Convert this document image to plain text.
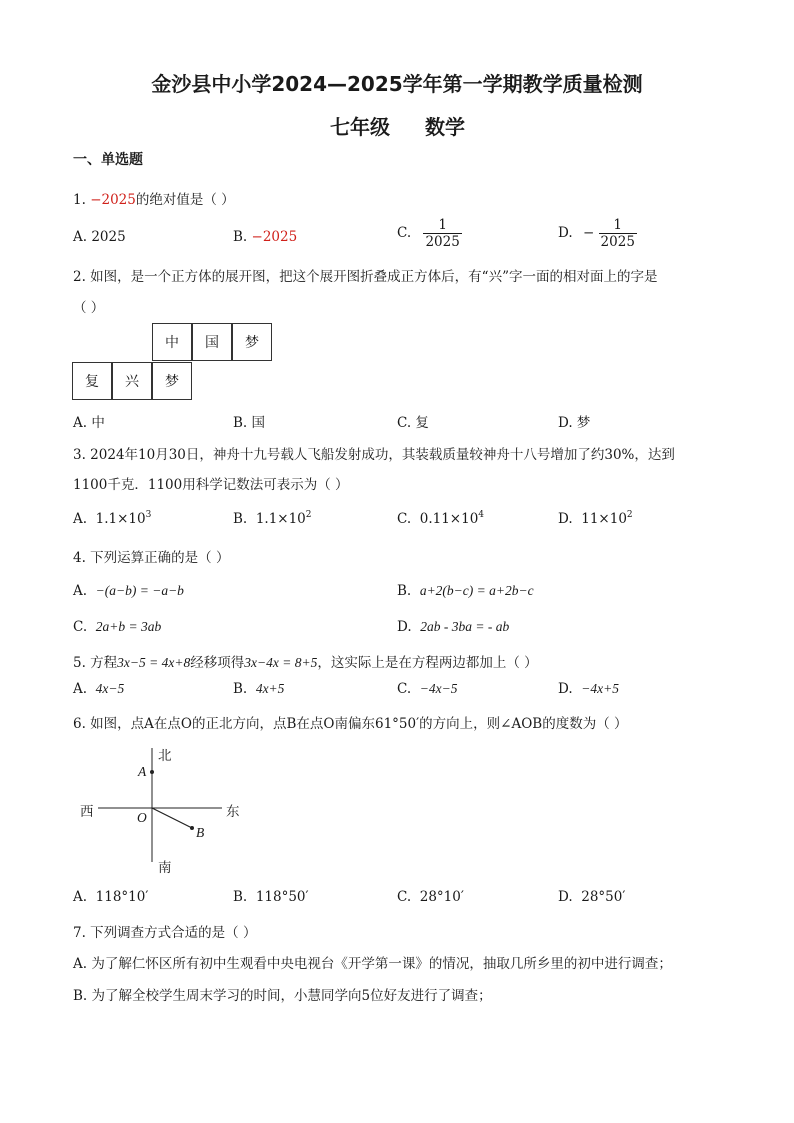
金沙县中小学2024—2025学年第一学期教学质量检测
七年级 数学
一、单选题
1. −2025的绝对值是（ ）
A. 2025	B. −2025	C. $\frac{1}{2025}$	D. − $\frac{1}{2025}$
2. 如图，是一个正方体的展开图，把这个展开图折叠成正方体后，有“兴”字一面的相对面上的字是
（ ）
中	国	梦
复	兴	梦
A. 中	B. 国	C. 复	D. 梦
3. 2024年10月30日，神舟十九号载人飞船发射成功，其装载质量较神舟十八号增加了约30%，达到
1100千克．1100用科学记数法可表示为（ ）
A. $1.1\times 10^3$	B. $1.1\times 10^2$	C. $0.11\times 10^4$	D. $11\times 10^2$
4. 下列运算正确的是（ ）
A. −(a−b) = −a−b	B. a+2(b−c) = a+2b−c
C. 2a+b = 3ab	D. 2ab - 3ba = - ab
5. 方程3x−5 = 4x+8经移项得3x−4x = 8+5，这实际上是在方程两边都加上（ ）
A. 4x−5	B. 4x+5	C. −4x−5	D. −4x+5
6. 如图，点A在点O的正北方向，点B在点O南偏东61°50′的方向上，则∠AOB的度数为（ ）
北
A
西	东
O
B
南
A. 118°10′	B. 118°50′	C. 28°10′	D. 28°50′
7. 下列调查方式合适的是（ ）
A. 为了解仁怀区所有初中生观看中央电视台《开学第一课》的情况，抽取几所乡里的初中进行调查；
B. 为了解全校学生周末学习的时间，小慧同学向5位好友进行了调查；
